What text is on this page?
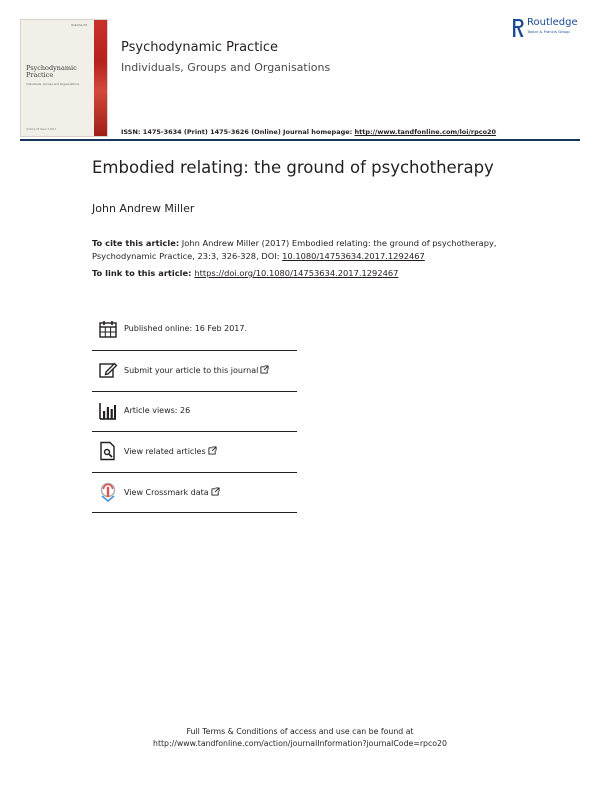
Volume 23
Psychodynamic Practice
Individuals, Groups and Organisations
Volume 23 Issue 3 2017
Psychodynamic Practice
Individuals, Groups and Organisations
ISSN: 1475-3634 (Print) 1475-3626 (Online) Journal homepage: http://www.tandfonline.com/loi/rpco20
Routledge
Taylor & Francis Group
Embodied relating: the ground of psychotherapy
John Andrew Miller
To cite this article: John Andrew Miller (2017) Embodied relating: the ground of psychotherapy, Psychodynamic Practice, 23:3, 326-328, DOI: 10.1080/14753634.2017.1292467
To link to this article: https://doi.org/10.1080/14753634.2017.1292467
Published online: 16 Feb 2017.
Submit your article to this journal
Article views: 26
View related articles
View Crossmark data
Full Terms & Conditions of access and use can be found at
http://www.tandfonline.com/action/journalInformation?journalCode=rpco20
